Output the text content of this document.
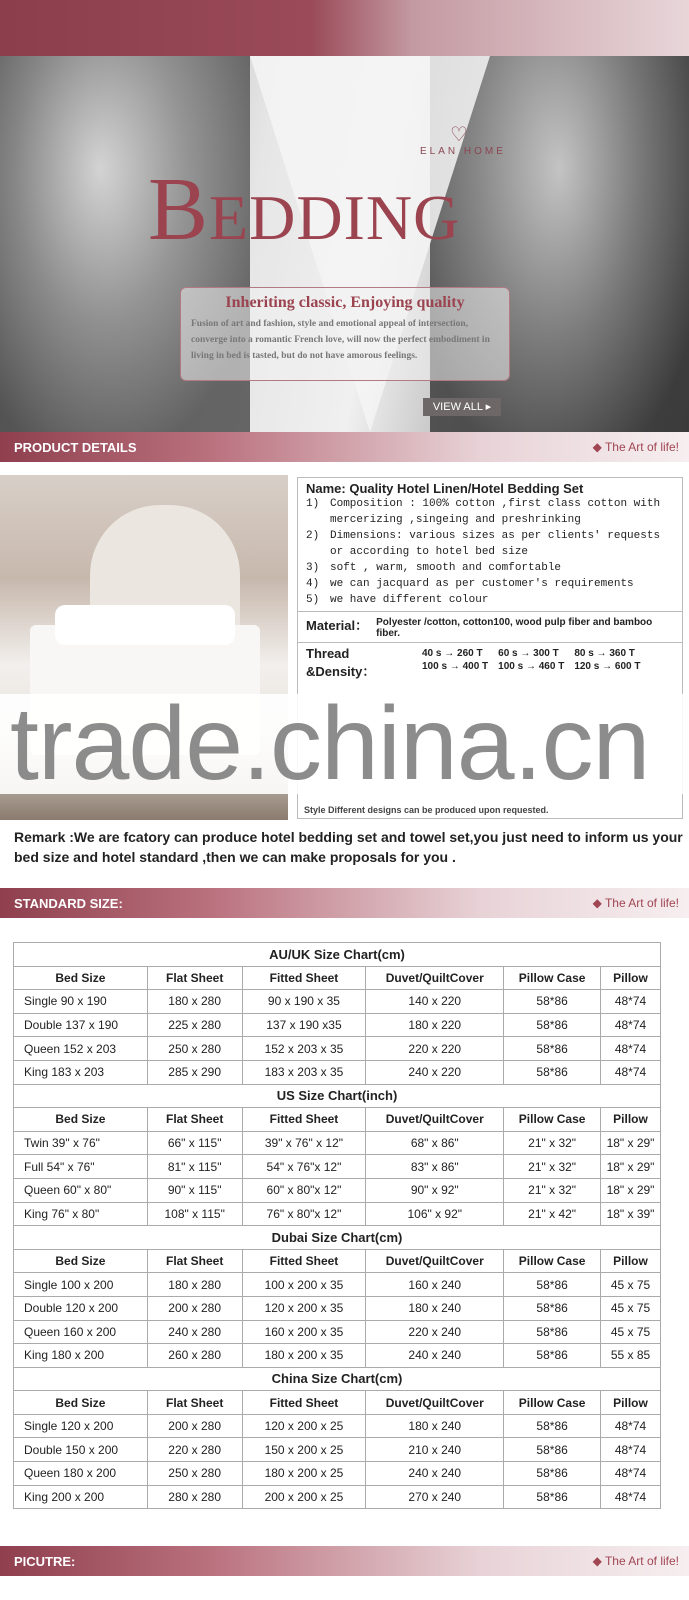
♡
ELAN HOME
BEDDING
Inheriting classic, Enjoying quality

Fusion of art and fashion, style and emotional appeal of intersection, converge into a romantic French love, will now the perfect embodiment in living in bed is tasted, but do not have amorous feelings.

VIEW ALL ▸
PRODUCT DETAILS	◆ The Art of life!
Name: Quality Hotel Linen/Hotel Bedding Set
1) Composition : 100% cotton ,first class cotton with mercerizing ,singeing and preshrinking
2) Dimensions: various sizes as per clients' requests or according to hotel bed size
3) soft , warm, smooth and comfortable
4) we can jacquard as per customer's requirements
5) we have different colour
Material： Polyester /cotton, cotton100, wood pulp fiber and bamboo fiber.
Thread &Density：
40 s → 260 T	60 s → 300 T	80 s → 360 T
100 s → 400 T 100 s → 460 T 120 s → 600 T
Style Different designs can be produced upon requested.
trade.china.cn
Remark :We are fcatory can produce hotel bedding set and towel set,you just need to inform us your bed size and hotel standard ,then we can make proposals for you .
STANDARD SIZE:	◆ The Art of life!
AU/UK Size Chart(cm)					
Bed Size	Flat Sheet	Fitted Sheet	Duvet/QuiltCover	Pillow Case	Pillow
Single 90 x 190	180 x 280	90 x 190 x 35	140 x 220	58*86	48*74
Double 137 x 190	225 x 280	137 x 190 x35	180 x 220	58*86	48*74
Queen 152 x 203	250 x 280	152 x 203 x 35	220 x 220	58*86	48*74
King 183 x 203	285 x 290	183 x 203 x 35	240 x 220	58*86	48*74
US Size Chart(inch)					
Bed Size	Flat Sheet	Fitted Sheet	Duvet/QuiltCover	Pillow Case	Pillow
Twin 39" x 76"	66" x 115"	39" x 76" x 12"	68" x 86"	21" x 32"	18" x 29"
Full 54" x 76"	81" x 115"	54" x 76"x 12"	83" x 86"	21" x 32"	18" x 29"
Queen 60" x 80"	90" x 115"	60" x 80"x 12"	90" x 92"	21" x 32"	18" x 29"
King 76" x 80"	108" x 115"	76" x 80"x 12"	106" x 92"	21" x 42"	18" x 39"
Dubai Size Chart(cm)					
Bed Size	Flat Sheet	Fitted Sheet	Duvet/QuiltCover	Pillow Case	Pillow
Single 100 x 200	180 x 280	100 x 200 x 35	160 x 240	58*86	45 x 75
Double 120 x 200	200 x 280	120 x 200 x 35	180 x 240	58*86	45 x 75
Queen 160 x 200	240 x 280	160 x 200 x 35	220 x 240	58*86	45 x 75
King 180 x 200	260 x 280	180 x 200 x 35	240 x 240	58*86	55 x 85
China Size Chart(cm)					
Bed Size	Flat Sheet	Fitted Sheet	Duvet/QuiltCover	Pillow Case	Pillow
Single 120 x 200	200 x 280	120 x 200 x 25	180 x 240	58*86	48*74
Double 150 x 200	220 x 280	150 x 200 x 25	210 x 240	58*86	48*74
Queen 180 x 200	250 x 280	180 x 200 x 25	240 x 240	58*86	48*74
King 200 x 200	280 x 280	200 x 200 x 25	270 x 240	58*86	48*74
PICUTRE:	◆ The Art of life!
